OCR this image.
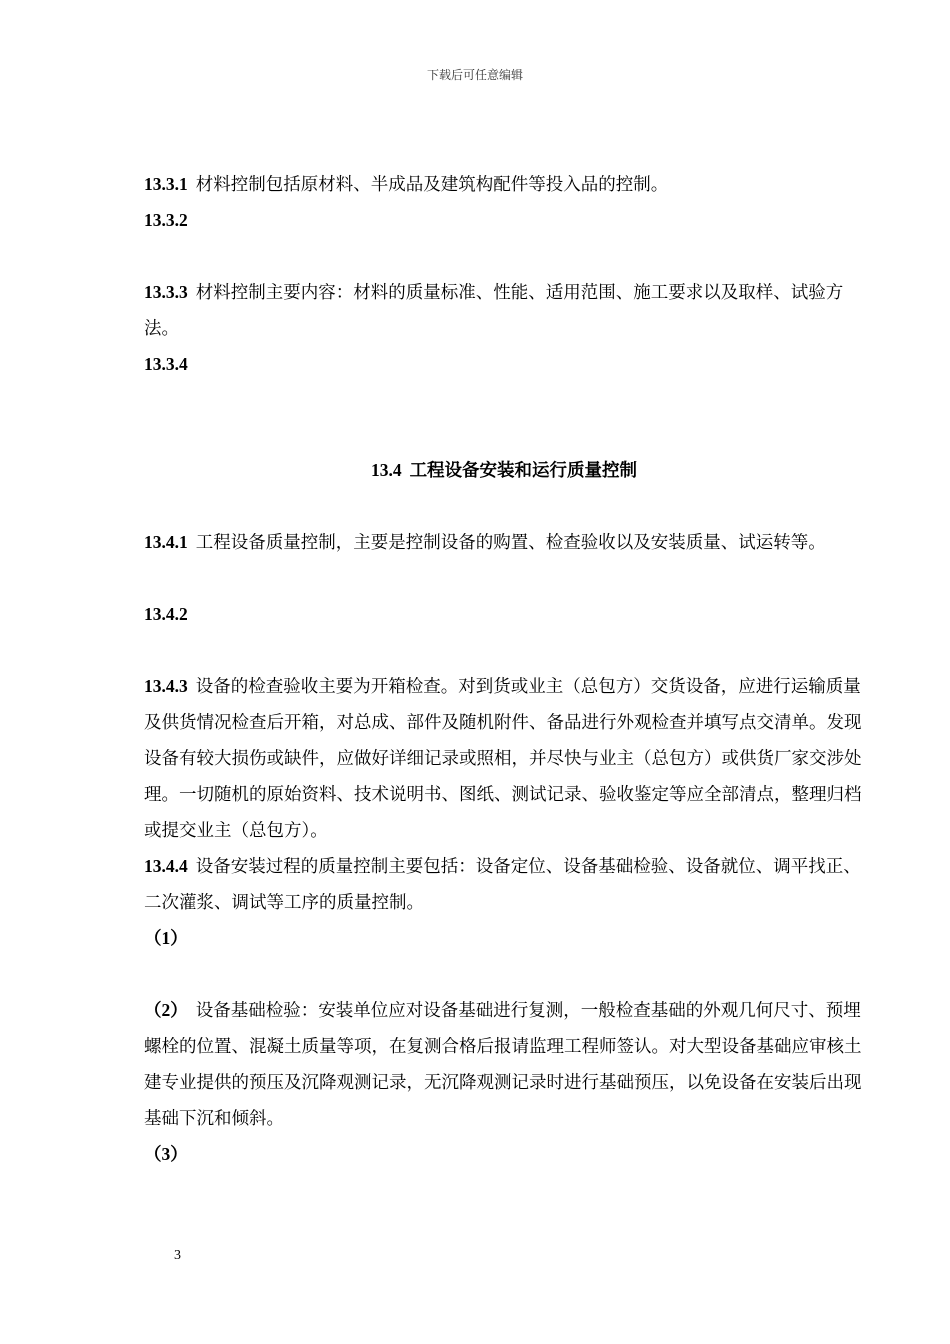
下载后可任意编辑

13.3.1 材料控制包括原材料、半成品及建筑构配件等投入品的控制。

13.3.2

13.3.3 材料控制主要内容：材料的质量标准、性能、适用范围、施工要求以及取样、试验方法。

13.3.4

13.4 工程设备安装和运行质量控制

13.4.1 工程设备质量控制，主要是控制设备的购置、检查验收以及安装质量、试运转等。

13.4.2

13.4.3 设备的检查验收主要为开箱检查。对到货或业主（总包方）交货设备，应进行运输质量及供货情况检查后开箱，对总成、部件及随机附件、备品进行外观检查并填写点交清单。发现设备有较大损伤或缺件，应做好详细记录或照相，并尽快与业主（总包方）或供货厂家交涉处理。一切随机的原始资料、技术说明书、图纸、测试记录、验收鉴定等应全部清点，整理归档或提交业主（总包方）。

13.4.4 设备安装过程的质量控制主要包括：设备定位、设备基础检验、设备就位、调平找正、二次灌浆、调试等工序的质量控制。

（1）

（2） 设备基础检验：安装单位应对设备基础进行复测，一般检查基础的外观几何尺寸、预埋螺栓的位置、混凝土质量等项，在复测合格后报请监理工程师签认。对大型设备基础应审核土建专业提供的预压及沉降观测记录，无沉降观测记录时进行基础预压，以免设备在安装后出现基础下沉和倾斜。

（3）

3
